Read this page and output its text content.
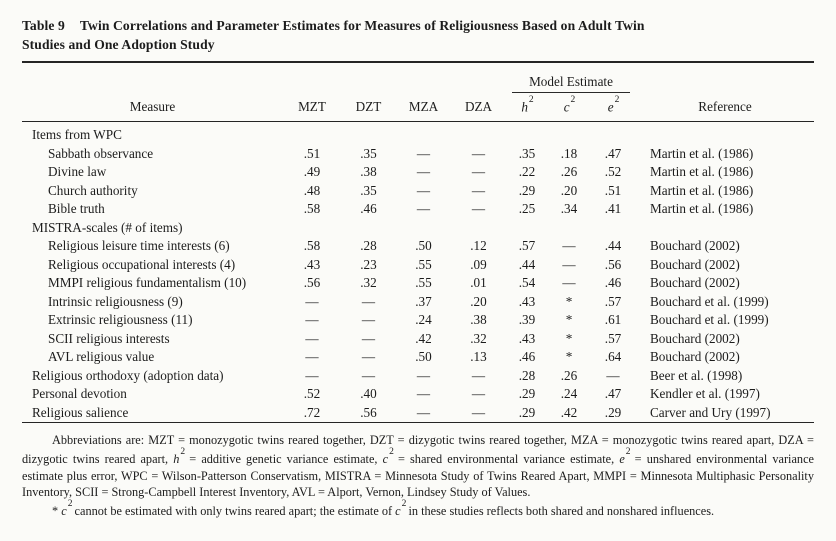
Table 9 Twin Correlations and Parameter Estimates for Measures of Religiousness Based on Adult Twin Studies and One Adoption Study

					Model Estimate			

Measure	MZT	DZT	MZA	DZA	$h^2$	$c^2$	$e^2$	Reference
Items from WPC								
Sabbath observance	.51	.35	—	—	.35	.18	.47	Martin et al. (1986)
Divine law	.49	.38	—	—	.22	.26	.52	Martin et al. (1986)
Church authority	.48	.35	—	—	.29	.20	.51	Martin et al. (1986)
Bible truth	.58	.46	—	—	.25	.34	.41	Martin et al. (1986)
MISTRA-scales (# of items)								
Religious leisure time interests (6)	.58	.28	.50	.12	.57	—	.44	Bouchard (2002)
Religious occupational interests (4)	.43	.23	.55	.09	.44	—	.56	Bouchard (2002)
MMPI religious fundamentalism (10)	.56	.32	.55	.01	.54	—	.46	Bouchard (2002)
Intrinsic religiousness (9)	—	—	.37	.20	.43	*	.57	Bouchard et al. (1999)
Extrinsic religiousness (11)	—	—	.24	.38	.39	*	.61	Bouchard et al. (1999)
SCII religious interests	—	—	.42	.32	.43	*	.57	Bouchard (2002)
AVL religious value	—	—	.50	.13	.46	*	.64	Bouchard (2002)
Religious orthodoxy (adoption data)	—	—	—	—	.28	.26	—	Beer et al. (1998)
Personal devotion	.52	.40	—	—	.29	.24	.47	Kendler et al. (1997)
Religious salience	.72	.56	—	—	.29	.42	.29	Carver and Ury (1997)

Abbreviations are: MZT = monozygotic twins reared together, DZT = dizygotic twins reared together, MZA = monozygotic twins reared apart, DZA = dizygotic twins reared apart, $h^2$ = additive genetic variance estimate, $c^2$ = shared environmental variance estimate, $e^2$ = unshared environmental variance estimate plus error, WPC = Wilson-Patterson Conservatism, MISTRA = Minnesota Study of Twins Reared Apart, MMPI = Minnesota Multiphasic Personality Inventory, SCII = Strong-Campbell Interest Inventory, AVL = Alport, Vernon, Lindsey Study of Values.

* $c^2$ cannot be estimated with only twins reared apart; the estimate of $c^2$ in these studies reflects both shared and nonshared influences.
